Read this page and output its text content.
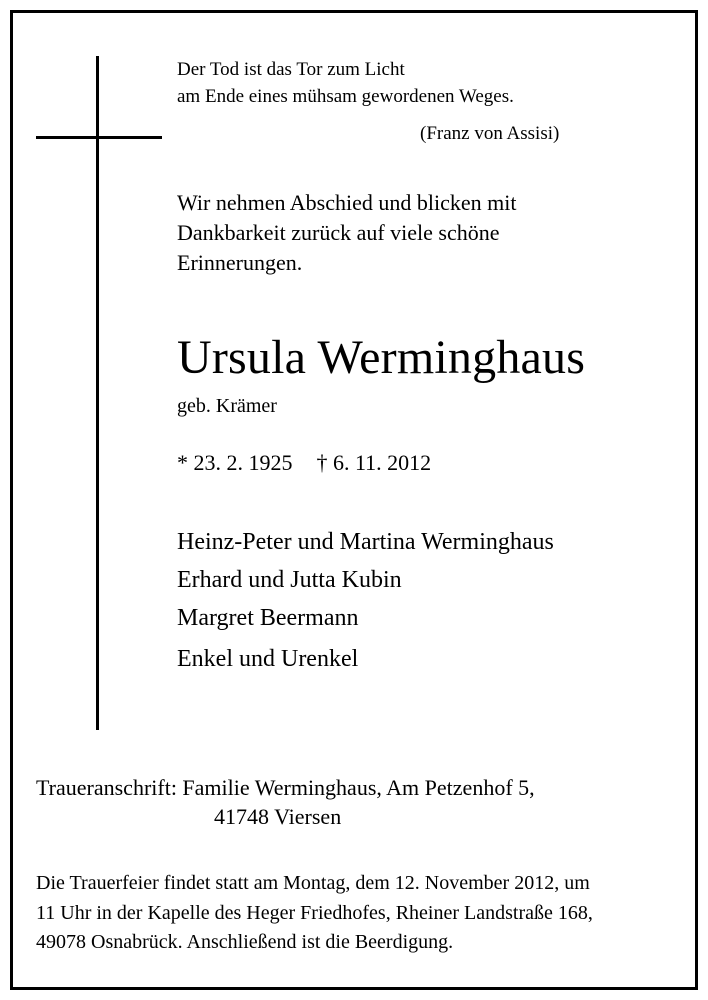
Der Tod ist das Tor zum Licht
am Ende eines mühsam gewordenen Weges.
(Franz von Assisi)
Wir nehmen Abschied und blicken mit
Dankbarkeit zurück auf viele schöne
Erinnerungen.
Ursula Werminghaus
geb. Krämer
* 23. 2. 1925 † 6. 11. 2012
Heinz-Peter und Martina Werminghaus
Erhard und Jutta Kubin
Margret Beermann
Enkel und Urenkel
Traueranschrift: Familie Werminghaus, Am Petzenhof 5,
41748 Viersen
Die Trauerfeier findet statt am Montag, dem 12. November 2012, um
11 Uhr in der Kapelle des Heger Friedhofes, Rheiner Landstraße 168,
49078 Osnabrück. Anschließend ist die Beerdigung.
